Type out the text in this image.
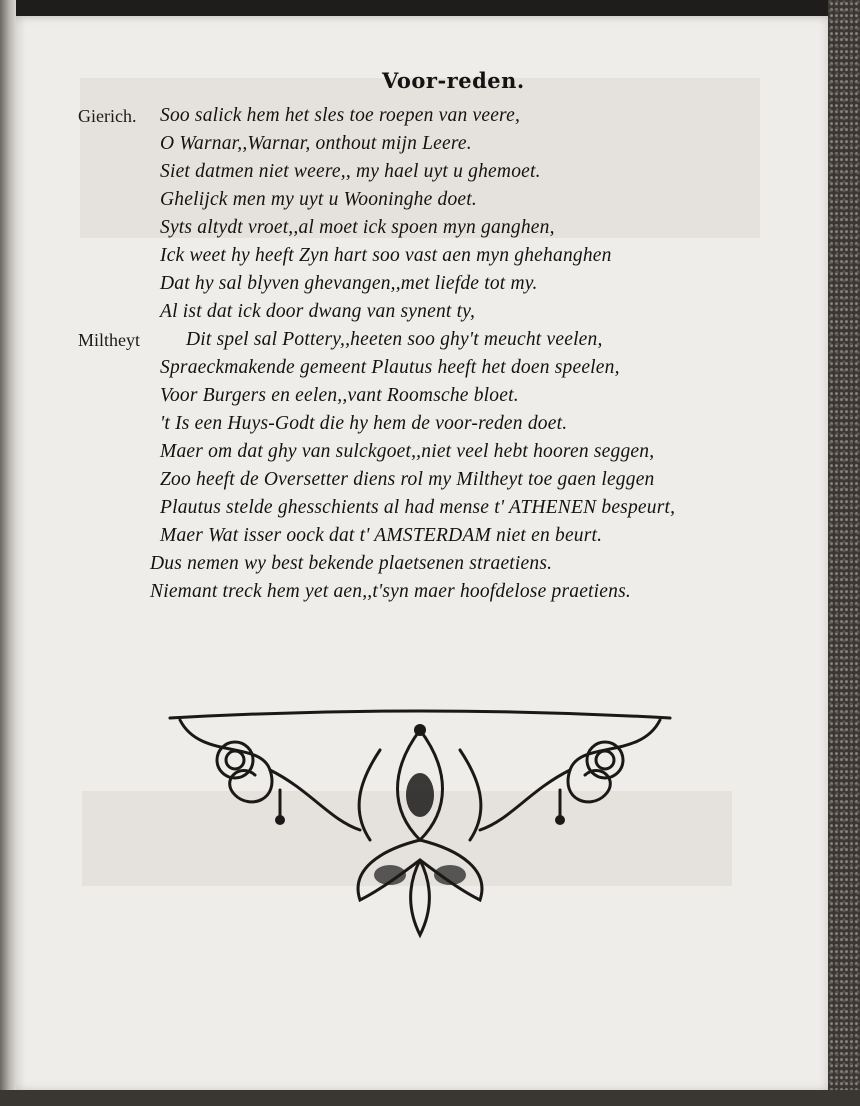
Voor-reden.
Gierich.
Miltheyt
Soo salick hem het sles toe roepen van veere,
O Warnar,,Warnar, onthout mijn Leere.
Siet datmen niet weere,, my hael uyt u ghemoet.
Ghelijck men my uyt u Wooninghe doet.
Syts altydt vroet,,al moet ick spoen myn ganghen,
Ick weet hy heeft Zyn hart soo vast aen myn ghehanghen
Dat hy sal blyven ghevangen,,met liefde tot my.
Al ist dat ick door dwang van synent ty,
Dit spel sal Pottery,,heeten soo ghy't meucht veelen,
Spraeckmakende gemeent Plautus heeft het doen speelen,
Voor Burgers en eelen,,vant Roomsche bloet.
't Is een Huys-Godt die hy hem de voor-reden doet.
Maer om dat ghy van sulckgoet,,niet veel hebt hooren seggen,
Zoo heeft de Oversetter diens rol my Miltheyt toe gaen leggen
Plautus stelde ghesschients al had mense t' ATHENEN bespeurt,
Maer Wat isser oock dat t' AMSTERDAM niet en beurt.
Dus nemen wy best bekende plaetsenen straetiens.
Niemant treck hem yet aen,,t'syn maer hoofdelose praetiens.
